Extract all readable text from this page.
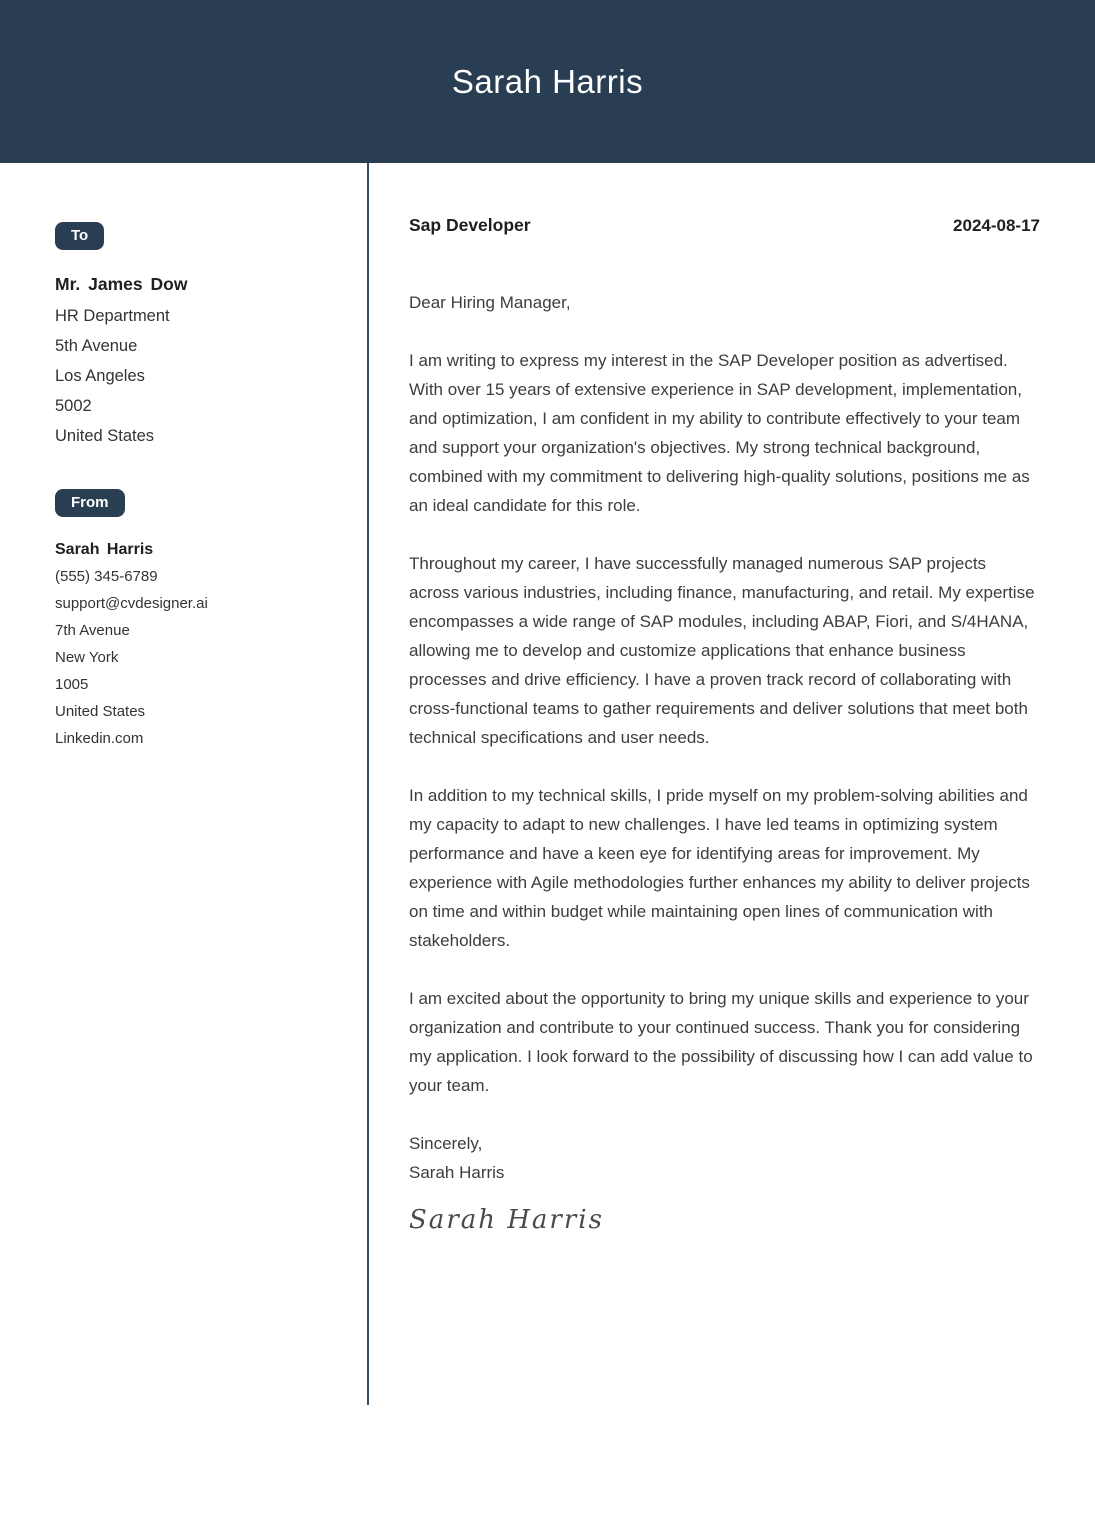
Sarah Harris
To
Mr. James Dow
HR Department
5th Avenue
Los Angeles
5002
United States
From
Sarah Harris
(555) 345-6789
support@cvdesigner.ai
7th Avenue
New York
1005
United States
Linkedin.com
Sap Developer	2024-08-17
Dear Hiring Manager,
I am writing to express my interest in the SAP Developer position as advertised. With over 15 years of extensive experience in SAP development, implementation, and optimization, I am confident in my ability to contribute effectively to your team and support your organization's objectives. My strong technical background, combined with my commitment to delivering high-quality solutions, positions me as an ideal candidate for this role.
Throughout my career, I have successfully managed numerous SAP projects across various industries, including finance, manufacturing, and retail. My expertise encompasses a wide range of SAP modules, including ABAP, Fiori, and S/4HANA, allowing me to develop and customize applications that enhance business processes and drive efficiency. I have a proven track record of collaborating with cross-functional teams to gather requirements and deliver solutions that meet both technical specifications and user needs.
In addition to my technical skills, I pride myself on my problem-solving abilities and my capacity to adapt to new challenges. I have led teams in optimizing system performance and have a keen eye for identifying areas for improvement. My experience with Agile methodologies further enhances my ability to deliver projects on time and within budget while maintaining open lines of communication with stakeholders.
I am excited about the opportunity to bring my unique skills and experience to your organization and contribute to your continued success. Thank you for considering my application. I look forward to the possibility of discussing how I can add value to your team.
Sincerely,
Sarah Harris
Sarah Harris
